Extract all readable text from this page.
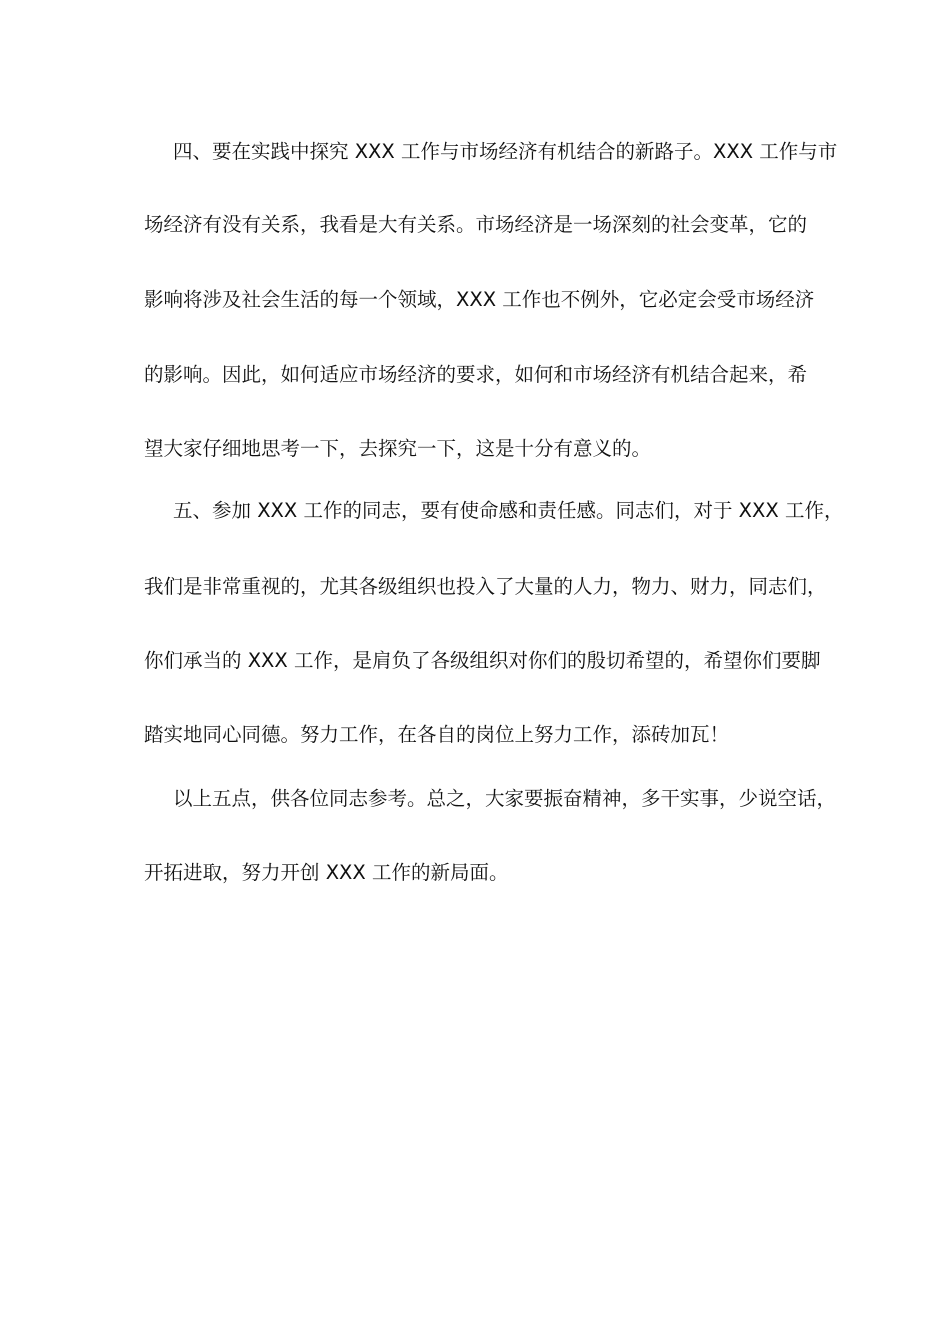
四、要在实践中探究 XXX 工作与市场经济有机结合的新路子。XXX 工作与市
场经济有没有关系，我看是大有关系。市场经济是一场深刻的社会变革，它的
影响将涉及社会生活的每一个领域，XXX 工作也不例外，它必定会受市场经济
的影响。因此，如何适应市场经济的要求，如何和市场经济有机结合起来，希
望大家仔细地思考一下，去探究一下，这是十分有意义的。
五、参加 XXX 工作的同志，要有使命感和责任感。同志们，对于 XXX 工作，
我们是非常重视的，尤其各级组织也投入了大量的人力，物力、财力，同志们，
你们承当的 XXX 工作，是肩负了各级组织对你们的殷切希望的，希望你们要脚
踏实地同心同德。努力工作，在各自的岗位上努力工作，添砖加瓦！
以上五点，供各位同志参考。总之，大家要振奋精神，多干实事，少说空话，
开拓进取，努力开创 XXX 工作的新局面。
